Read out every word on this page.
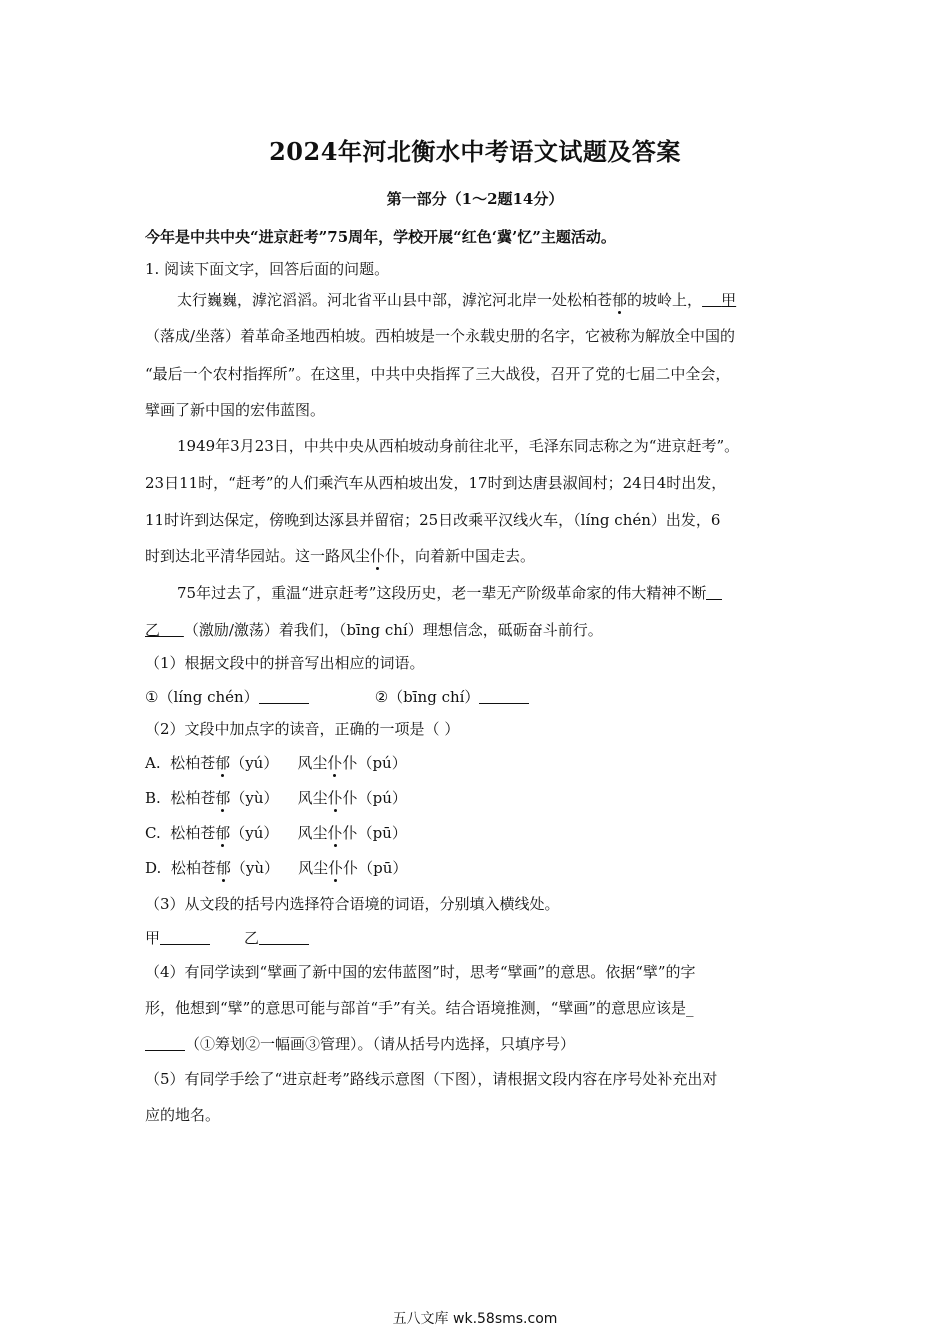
2024年河北衡水中考语文试题及答案
第一部分（1～2题14分）
今年是中共中央“进京赶考”75周年，学校开展“红色‘冀’忆”主题活动。
1. 阅读下面文字，回答后面的问题。
太行巍巍，滹沱滔滔。河北省平山县中部，滹沱河北岸一处松柏苍郁的坡岭上， 甲
（落成/坐落）着革命圣地西柏坡。西柏坡是一个永载史册的名字，它被称为解放全中国的
“最后一个农村指挥所”。在这里，中共中央指挥了三大战役，召开了党的七届二中全会，
擘画了新中国的宏伟蓝图。
1949年3月23日，中共中央从西柏坡动身前往北平，毛泽东同志称之为“进京赶考”。
23日11时，“赶考”的人们乘汽车从西柏坡出发，17时到达唐县淑闾村；24日4时出发，
11时许到达保定，傍晚到达涿县并留宿；25日改乘平汉线火车，（líng chén）出发，6
时到达北平清华园站。这一路风尘仆仆，向着新中国走去。
75年过去了，重温“进京赶考”这段历史，老一辈无产阶级革命家的伟大精神不断
乙 （激励/激荡）着我们，（bīng chí）理想信念，砥砺奋斗前行。
（1）根据文段中的拼音写出相应的词语。
①（líng chén）	②（bīng chí）
（2）文段中加点字的读音，正确的一项是（ ）
A. 松柏苍郁（yú） 风尘仆仆（pú）
B. 松柏苍郁（yù） 风尘仆仆（pú）
C. 松柏苍郁（yú） 风尘仆仆（pū）
D. 松柏苍郁（yù） 风尘仆仆（pū）
（3）从文段的括号内选择符合语境的词语，分别填入横线处。
甲	乙
（4）有同学读到“擘画了新中国的宏伟蓝图”时，思考“擘画”的意思。依据“擘”的字
形，他想到“擘”的意思可能与部首“手”有关。结合语境推测，“擘画”的意思应该是_
（①筹划②一幅画③管理）。（请从括号内选择，只填序号）
（5）有同学手绘了“进京赶考”路线示意图（下图），请根据文段内容在序号处补充出对
应的地名。
五八文库 wk.58sms.com
